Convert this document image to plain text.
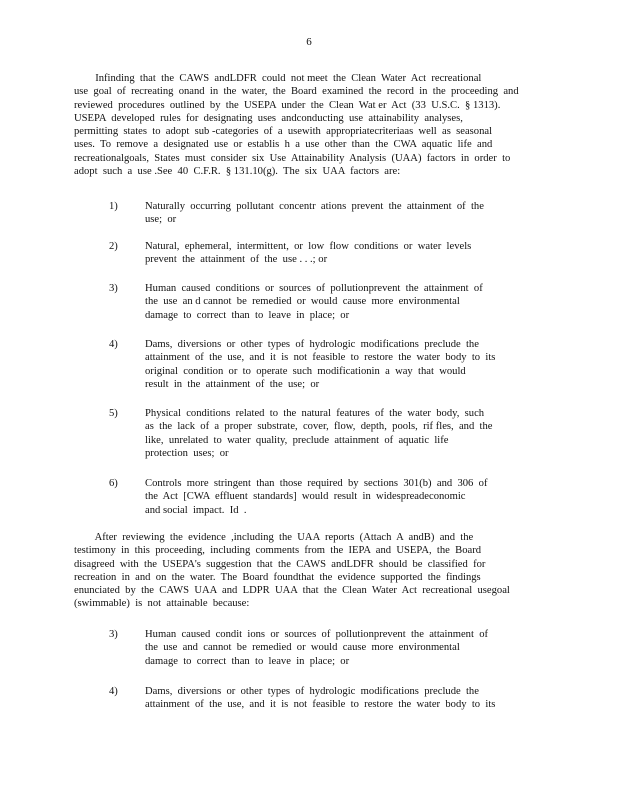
6
Infinding  that  the  CAWS  andLDFR  could  not meet  the  Clean  Water  Act  recreational
use  goal  of  recreating  onand  in  the  water,  the  Board  examined  the  record  in  the  proceeding  and
reviewed  procedures  outlined  by  the  USEPA  under  the  Clean  Wat er  Act  (33  U.S.C.  § 1313).
USEPA  developed  rules  for  designating  uses  andconducting  use  attainability  analyses,
permitting  states  to  adopt  sub -categories  of  a  usewith  appropriatecriteriaas  well  as  seasonal
uses.  To  remove  a  designated  use  or  establis  h  a  use  other  than  the  CWA  aquatic  life  and
recreationalgoals,  States  must  consider  six  Use  Attainability  Analysis  (UAA)  factors  in  order  to
adopt  such  a  use .See  40  C.F.R.  § 131.10(g).  The  six  UAA  factors  are:
1)	Naturally  occurring  pollutant  concentr  ations  prevent  the  attainment  of  the
use;  or
2)	Natural,  ephemeral,  intermittent,  or  low  flow  conditions  or  water  levels
prevent  the  attainment  of  the  use . . .; or
3)	Human  caused  conditions  or  sources  of  pollutionprevent  the  attainment  of
the  use  an d cannot  be  remedied  or  would  cause  more  environmental
damage  to  correct  than  to  leave  in  place;  or
4)	Dams,  diversions  or  other  types  of  hydrologic  modifications  preclude  the
attainment  of  the  use,  and  it  is  not  feasible  to  restore  the  water  body  to  its
original  condition  or  to  operate  such  modificationin  a  way  that  would
result  in  the  attainment  of  the  use;  or
5)	Physical  conditions  related  to  the  natural  features  of  the  water  body,  such
as  the  lack  of  a  proper  substrate,  cover,  flow,  depth,  pools,  rif fles,  and  the
like,  unrelated  to  water  quality,  preclude  attainment  of  aquatic  life
protection  uses;  or
6)	Controls  more  stringent  than  those  required  by  sections  301(b)  and  306  of
the  Act  [CWA  effluent  standards]  would  result  in  widespreadeconomic
and social  impact.  Id  .
After  reviewing  the  evidence  ,including  the  UAA  reports  (Attach  A  andB)  and  the
testimony  in  this  proceeding,  including  comments  from  the  IEPA  and  USEPA,  the  Board
disagreed  with  the  USEPA's  suggestion  that  the  CAWS  andLDFR  should  be  classified  for
recreation  in  and  on  the  water.  The  Board  foundthat  the  evidence  supported  the  findings
enunciated  by  the  CAWS  UAA  and  LDPR  UAA  that  the  Clean  Water  Act  recreational  usegoal
(swimmable)  is  not  attainable  because:
3)	Human  caused  condit  ions  or  sources  of  pollutionprevent  the  attainment  of
the  use  and  cannot  be  remedied  or  would  cause  more  environmental
damage  to  correct  than  to  leave  in  place;  or
4)	Dams,  diversions  or  other  types  of  hydrologic  modifications  preclude  the
attainment  of  the  use,  and  it  is  not  feasible  to  restore  the  water  body  to  its
